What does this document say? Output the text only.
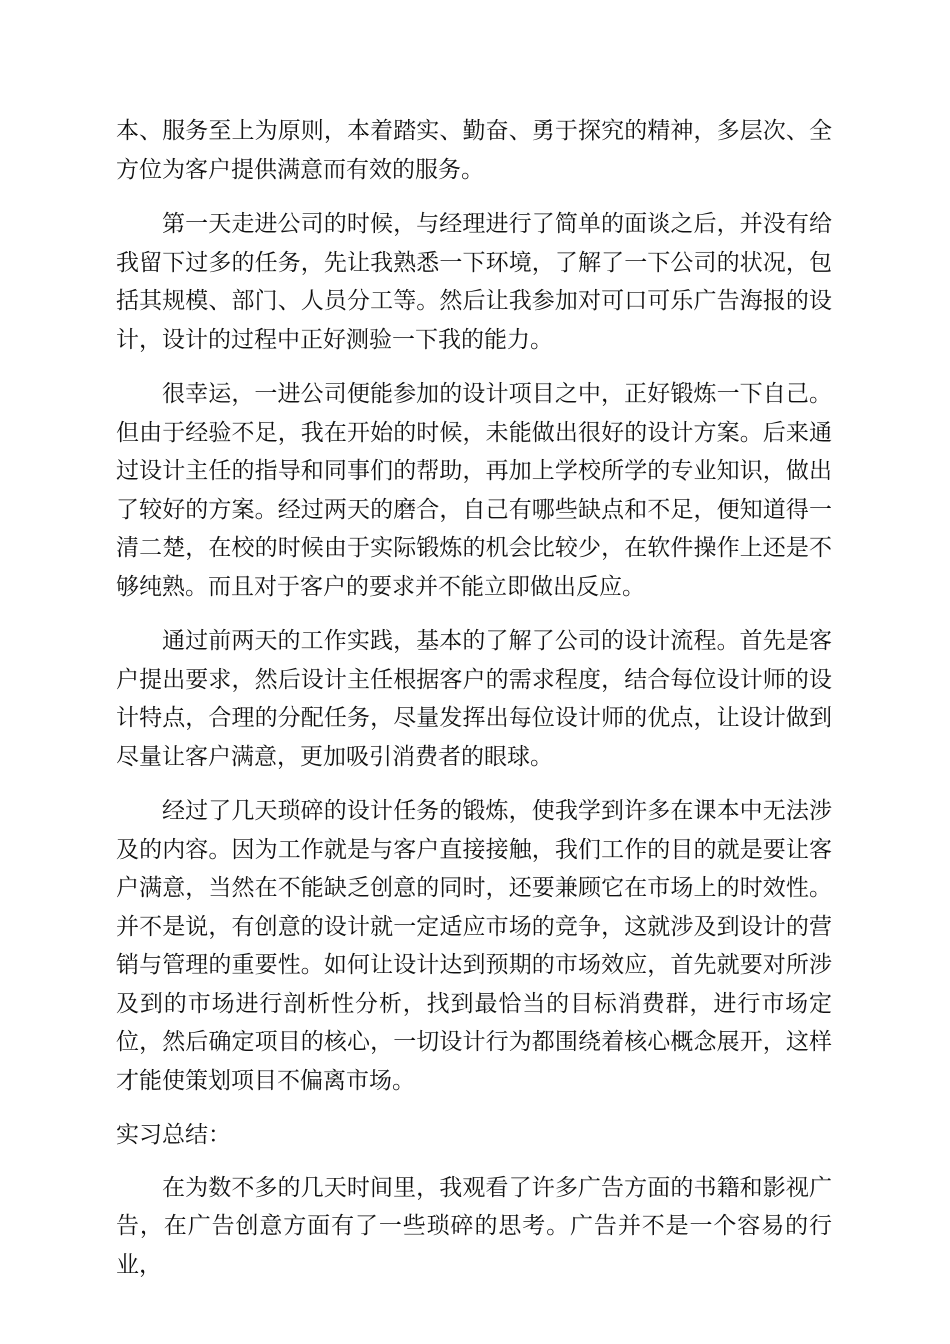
本、服务至上为原则，本着踏实、勤奋、勇于探究的精神，多层次、全方位为客户提供满意而有效的服务。

第一天走进公司的时候，与经理进行了简单的面谈之后，并没有给我留下过多的任务，先让我熟悉一下环境，了解了一下公司的状况，包括其规模、部门、人员分工等。然后让我参加对可口可乐广告海报的设计，设计的过程中正好测验一下我的能力。

很幸运，一进公司便能参加的设计项目之中，正好锻炼一下自己。但由于经验不足，我在开始的时候，未能做出很好的设计方案。后来通过设计主任的指导和同事们的帮助，再加上学校所学的专业知识，做出了较好的方案。经过两天的磨合，自己有哪些缺点和不足，便知道得一清二楚，在校的时候由于实际锻炼的机会比较少，在软件操作上还是不够纯熟。而且对于客户的要求并不能立即做出反应。

通过前两天的工作实践，基本的了解了公司的设计流程。首先是客户提出要求，然后设计主任根据客户的需求程度，结合每位设计师的设计特点，合理的分配任务，尽量发挥出每位设计师的优点，让设计做到尽量让客户满意，更加吸引消费者的眼球。

经过了几天琐碎的设计任务的锻炼，使我学到许多在课本中无法涉及的内容。因为工作就是与客户直接接触，我们工作的目的就是要让客户满意，当然在不能缺乏创意的同时，还要兼顾它在市场上的时效性。并不是说，有创意的设计就一定适应市场的竞争，这就涉及到设计的营销与管理的重要性。如何让设计达到预期的市场效应，首先就要对所涉及到的市场进行剖析性分析，找到最恰当的目标消费群，进行市场定位，然后确定项目的核心，一切设计行为都围绕着核心概念展开，这样才能使策划项目不偏离市场。

实习总结：

在为数不多的几天时间里，我观看了许多广告方面的书籍和影视广告，在广告创意方面有了一些琐碎的思考。广告并不是一个容易的行业，
